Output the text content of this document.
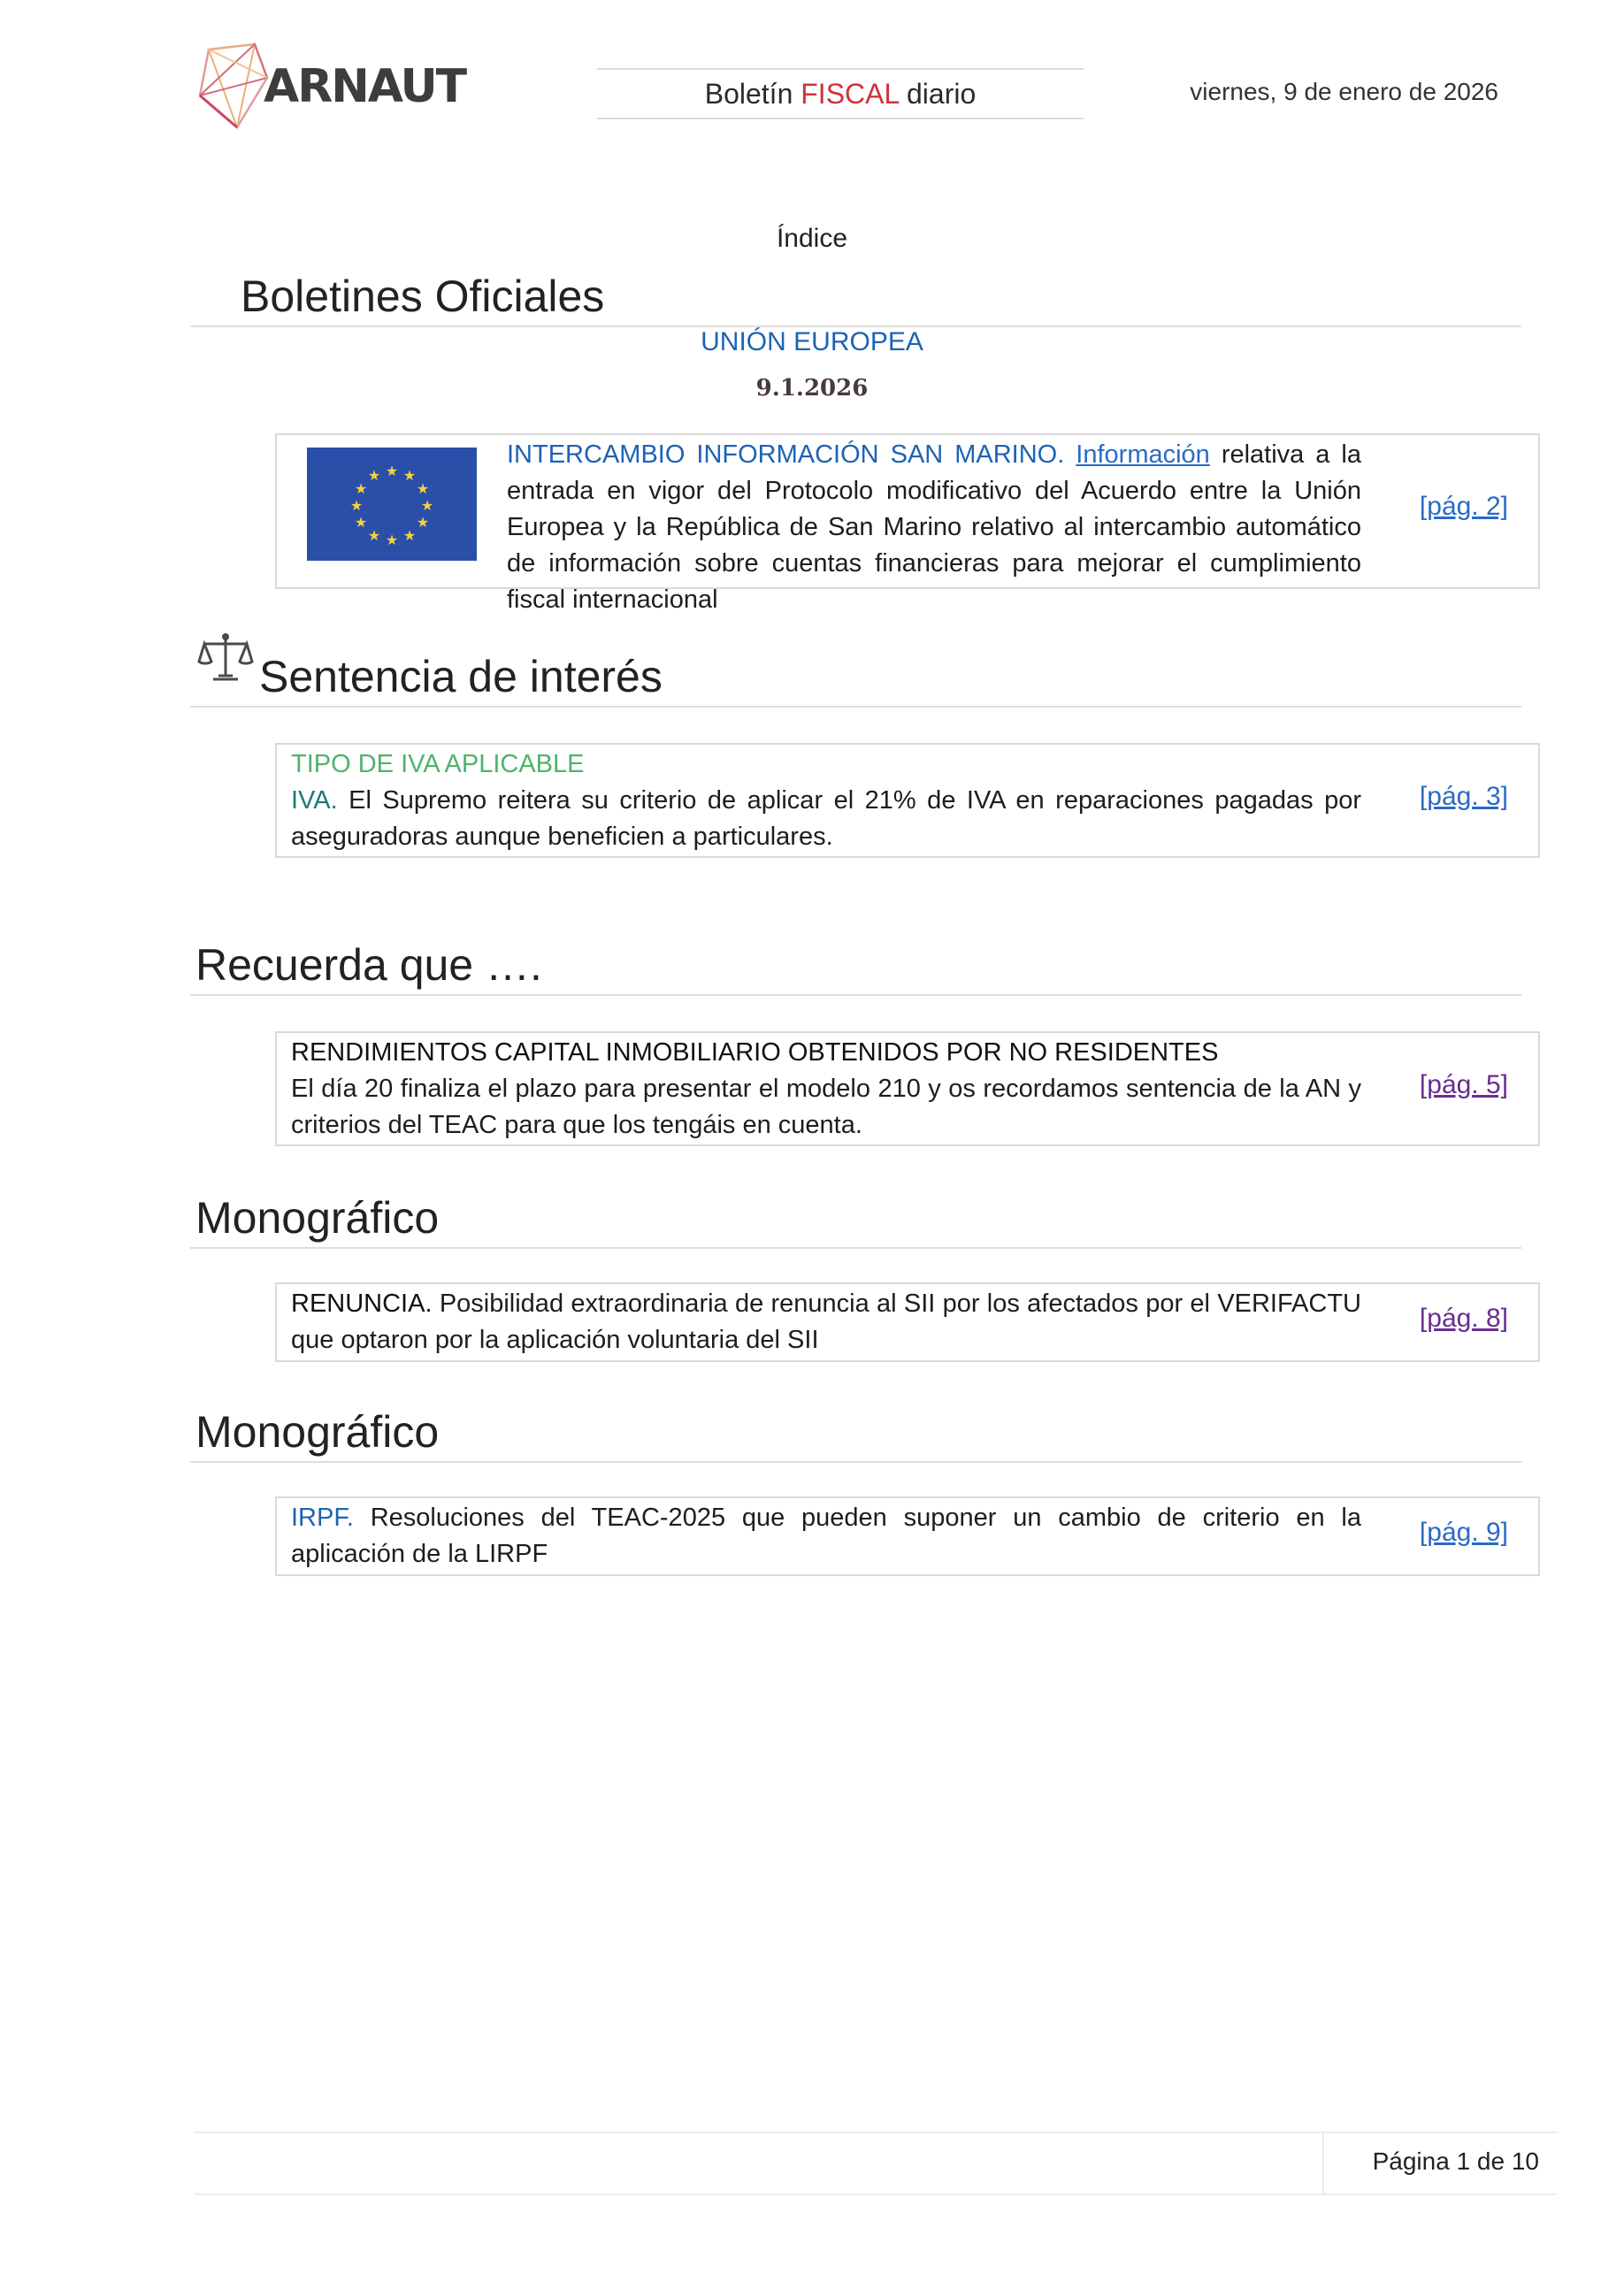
ARNAUT	Boletín FISCAL diario	viernes, 9 de enero de 2026
Índice
Boletines Oficiales
UNIÓN EUROPEA
9.1.2026
★ ★
★
★
★
★
★
★
★
★
★
★
INTERCAMBIO INFORMACIÓN SAN MARINO. Información relativa a la entrada en vigor del Protocolo modificativo del Acuerdo entre la Unión Europea y la República de San Marino relativo al intercambio automático de información sobre cuentas financieras para mejorar el cumplimiento fiscal internacional
[pág. 2]
Sentencia de interés
TIPO DE IVA APLICABLE
IVA. El Supremo reitera su criterio de aplicar el 21% de IVA en reparaciones pagadas por aseguradoras aunque beneficien a particulares.
[pág. 3]
Recuerda que ….
RENDIMIENTOS CAPITAL INMOBILIARIO OBTENIDOS POR NO RESIDENTES
El día 20 finaliza el plazo para presentar el modelo 210 y os recordamos sentencia de la AN y criterios del TEAC para que los tengáis en cuenta.
[pág. 5]
Monográfico
RENUNCIA. Posibilidad extraordinaria de renuncia al SII por los afectados por el VERIFACTU que optaron por la aplicación voluntaria del SII
[pág. 8]
Monográfico
IRPF. Resoluciones del TEAC-2025 que pueden suponer un cambio de criterio en la aplicación de la LIRPF
[pág. 9]
Página 1 de 10
